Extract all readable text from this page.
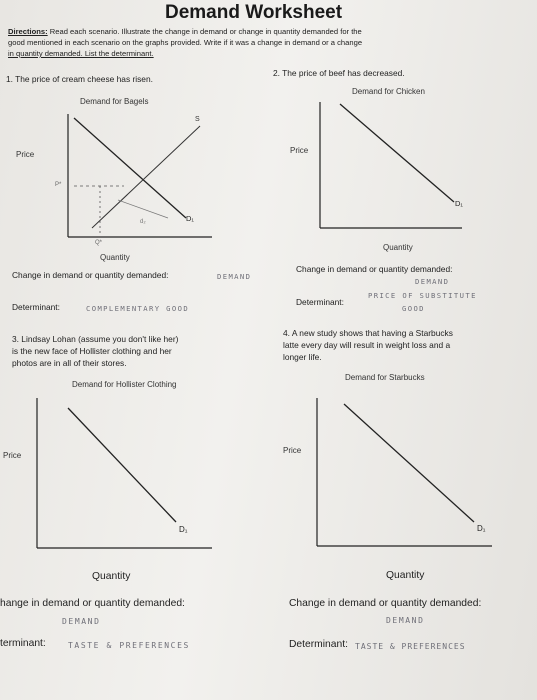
Demand Worksheet
Directions: Read each scenario. Illustrate the change in demand or change in quantity demanded for the
good mentioned in each scenario on the graphs provided. Write if it was a change in demand or a change
in quantity demanded. List the determinant.
1. The price of cream cheese has risen.
Demand for Bagels
Price
S
D₁
d₂
P*
Q*
Quantity
Change in demand or quantity demanded:	DEMAND
Determinant:	COMPLEMENTARY GOOD
2. The price of beef has decreased.
Demand for Chicken
Price
D₁
Quantity
Change in demand or quantity demanded:
DEMAND
Determinant:
PRICE OF SUBSTITUTE
GOOD
3. Lindsay Lohan (assume you don't like her)
is the new face of Hollister clothing and her
photos are in all of their stores.
Demand for Hollister Clothing
Price
D₁
Quantity
hange in demand or quantity demanded:
DEMAND
terminant:	TASTE & PREFERENCES
4. A new study shows that having a Starbucks
latte every day will result in weight loss and a
longer life.
Demand for Starbucks
Price
D₁
Quantity
Change in demand or quantity demanded:
DEMAND
Determinant: TASTE & PREFERENCES
